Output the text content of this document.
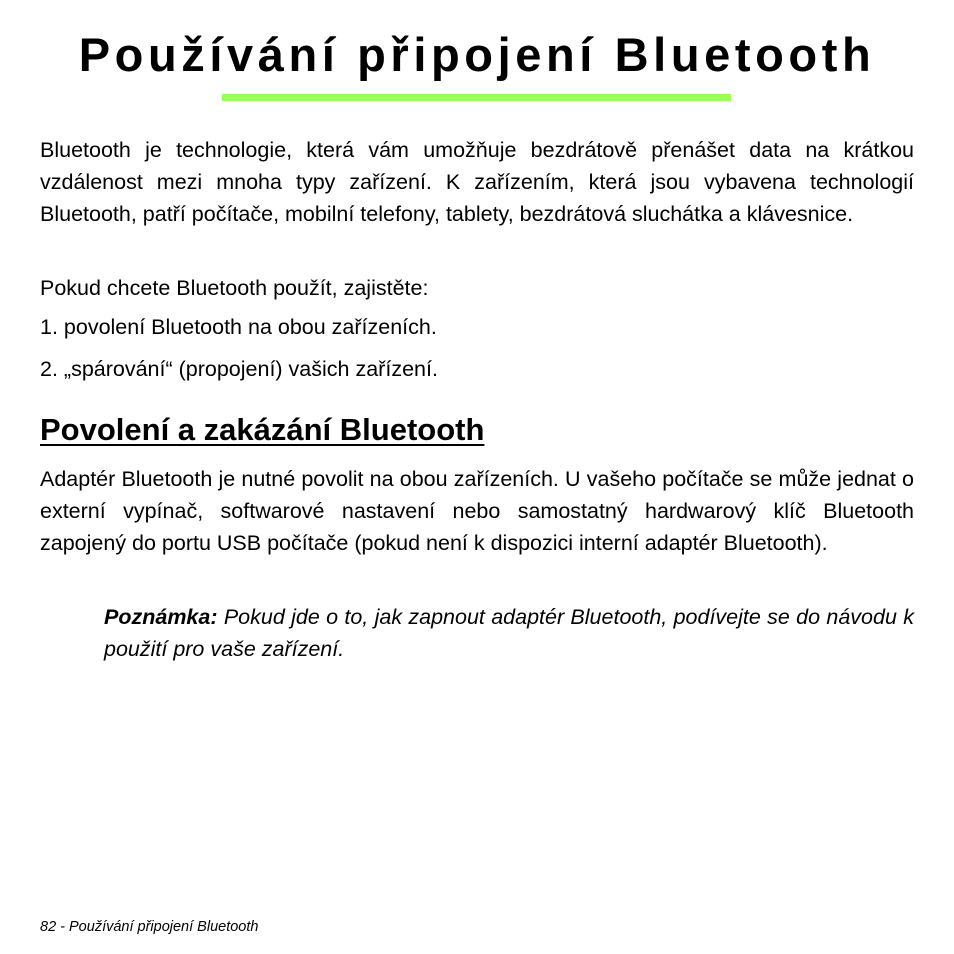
Používání připojení Bluetooth

Bluetooth je technologie, která vám umožňuje bezdrátově přenášet data na krátkou vzdálenost mezi mnoha typy zařízení. K zařízením, která jsou vybavena technologií Bluetooth, patří počítače, mobilní telefony, tablety, bezdrátová sluchátka a klávesnice.

Pokud chcete Bluetooth použít, zajistěte:

1. povolení Bluetooth na obou zařízeních.

2. „spárování“ (propojení) vašich zařízení.

Povolení a zakázání Bluetooth

Adaptér Bluetooth je nutné povolit na obou zařízeních. U vašeho počítače se může jednat o externí vypínač, softwarové nastavení nebo samostatný hardwarový klíč Bluetooth zapojený do portu USB počítače (pokud není k dispozici interní adaptér Bluetooth).

Poznámka: Pokud jde o to, jak zapnout adaptér Bluetooth, podívejte se do návodu k použití pro vaše zařízení.

82 - Používání připojení Bluetooth
